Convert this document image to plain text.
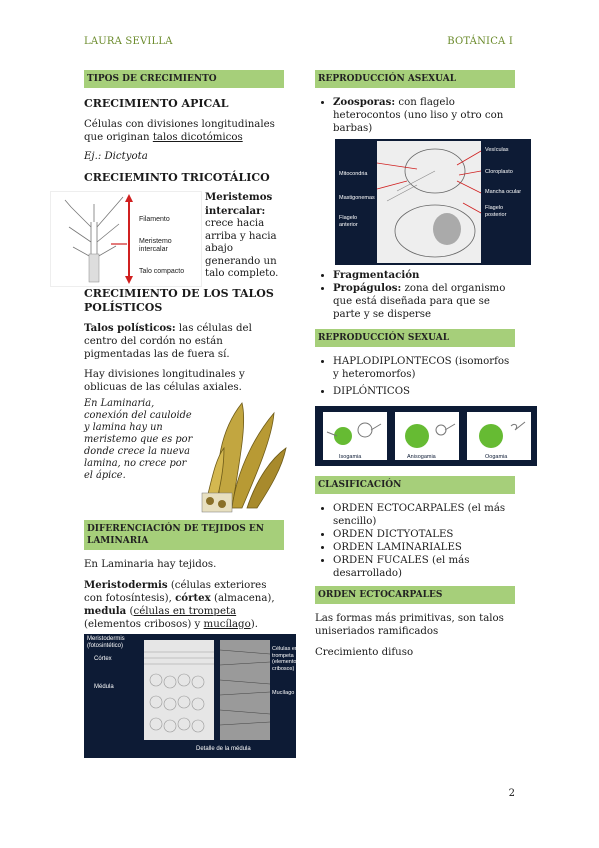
LAURA SEVILLA	BOTÁNICA I
TIPOS DE CRECIMIENTO
CRECIMIENTO APICAL

Células con divisiones longitudinales que originan talos dicotómicos

Ej.: Dictyota

CRECIEMINTO TRICOTÁLICO
Filamento
Meristemo intercalar
Talo compacto
Meristemos intercalar: crece hacia arriba y hacia abajo generando un talo completo.
CRECIMIENTO DE LOS TALOS POLÍSTICOS

Talos polísticos: las células del centro del cordón no están pigmentadas las de fuera sí.

Hay divisiones longitudinales y oblicuas de las células axiales.

En Laminaria, conexión del cauloide y lamina hay un meristemo que es por donde crece la nueva lamina, no crece por el ápice.

DIFERENCIACIÓN DE TEJIDOS EN LAMINARIA

En Laminaria hay tejidos.

Meristodermis (células exteriores con fotosíntesis), córtex (almacena), medula (células en trompeta (elementos cribosos) y mucílago).

Meristodermis (fotosintético)
Córtex
Médula
Células en trompeta (elementos cribosos)
Mucílago
Detalle de la médula
REPRODUCCIÓN ASEXUAL
• Zoosporas: con flagelo heterocontos (uno liso y otro con barbas)
Mitocondria
Mastigonemas
Flagelo anterior
Vesículas
Cloroplasto
Mancha ocular
Flagelo posterior
• Fragmentación
• Propágulos: zona del organismo que está diseñada para que se parte y se disperse
REPRODUCCIÓN SEXUAL
• HAPLODIPLONTECOS (isomorfos y heteromorfos)
• DIPLÓNTICOS
Isogamia	Anisogamia	Oogamia
CLASIFICACIÓN
• ORDEN ECTOCARPALES (el más sencillo)
• ORDEN DICTYOTALES
• ORDEN LAMINARIALES
• ORDEN FUCALES (el más desarrollado)
ORDEN ECTOCARPALES

Las formas más primitivas, son talos uniseriados ramificados

Crecimiento difuso

2
